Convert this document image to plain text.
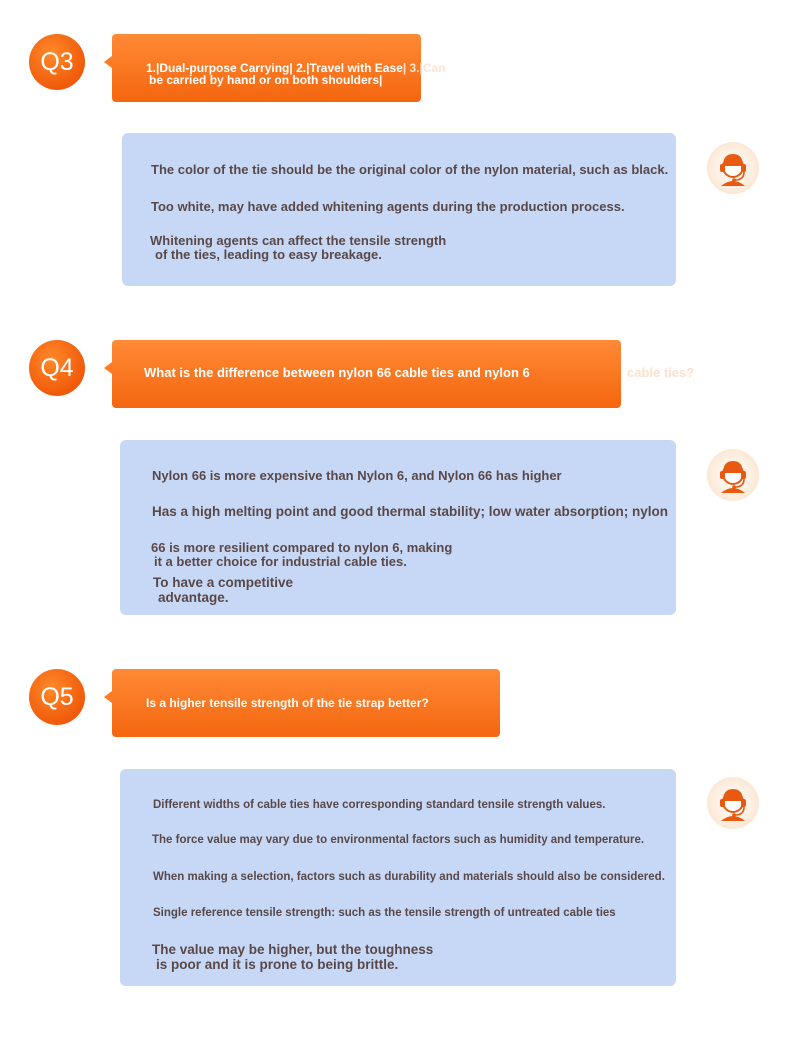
Q3	1.|Dual-purpose Carrying| 2.|Travel with Ease| 3.|Can
be carried by hand or on both shoulders|
The color of the tie should be the original color of the nylon material, such as black.
Too white, may have added whitening agents during the production process.
Whitening agents can affect the tensile strength
of the ties, leading to easy breakage.
Q4	What is the difference between nylon 66 cable ties and nylon 6	cable ties?
Nylon 66 is more expensive than Nylon 6, and Nylon 66 has higher
Has a high melting point and good thermal stability; low water absorption; nylon
66 is more resilient compared to nylon 6, making
it a better choice for industrial cable ties.
To have a competitive
advantage.
Q5	Is a higher tensile strength of the tie strap better?
Different widths of cable ties have corresponding standard tensile strength values.
The force value may vary due to environmental factors such as humidity and temperature.
When making a selection, factors such as durability and materials should also be considered.
Single reference tensile strength: such as the tensile strength of untreated cable ties
The value may be higher, but the toughness
is poor and it is prone to being brittle.
